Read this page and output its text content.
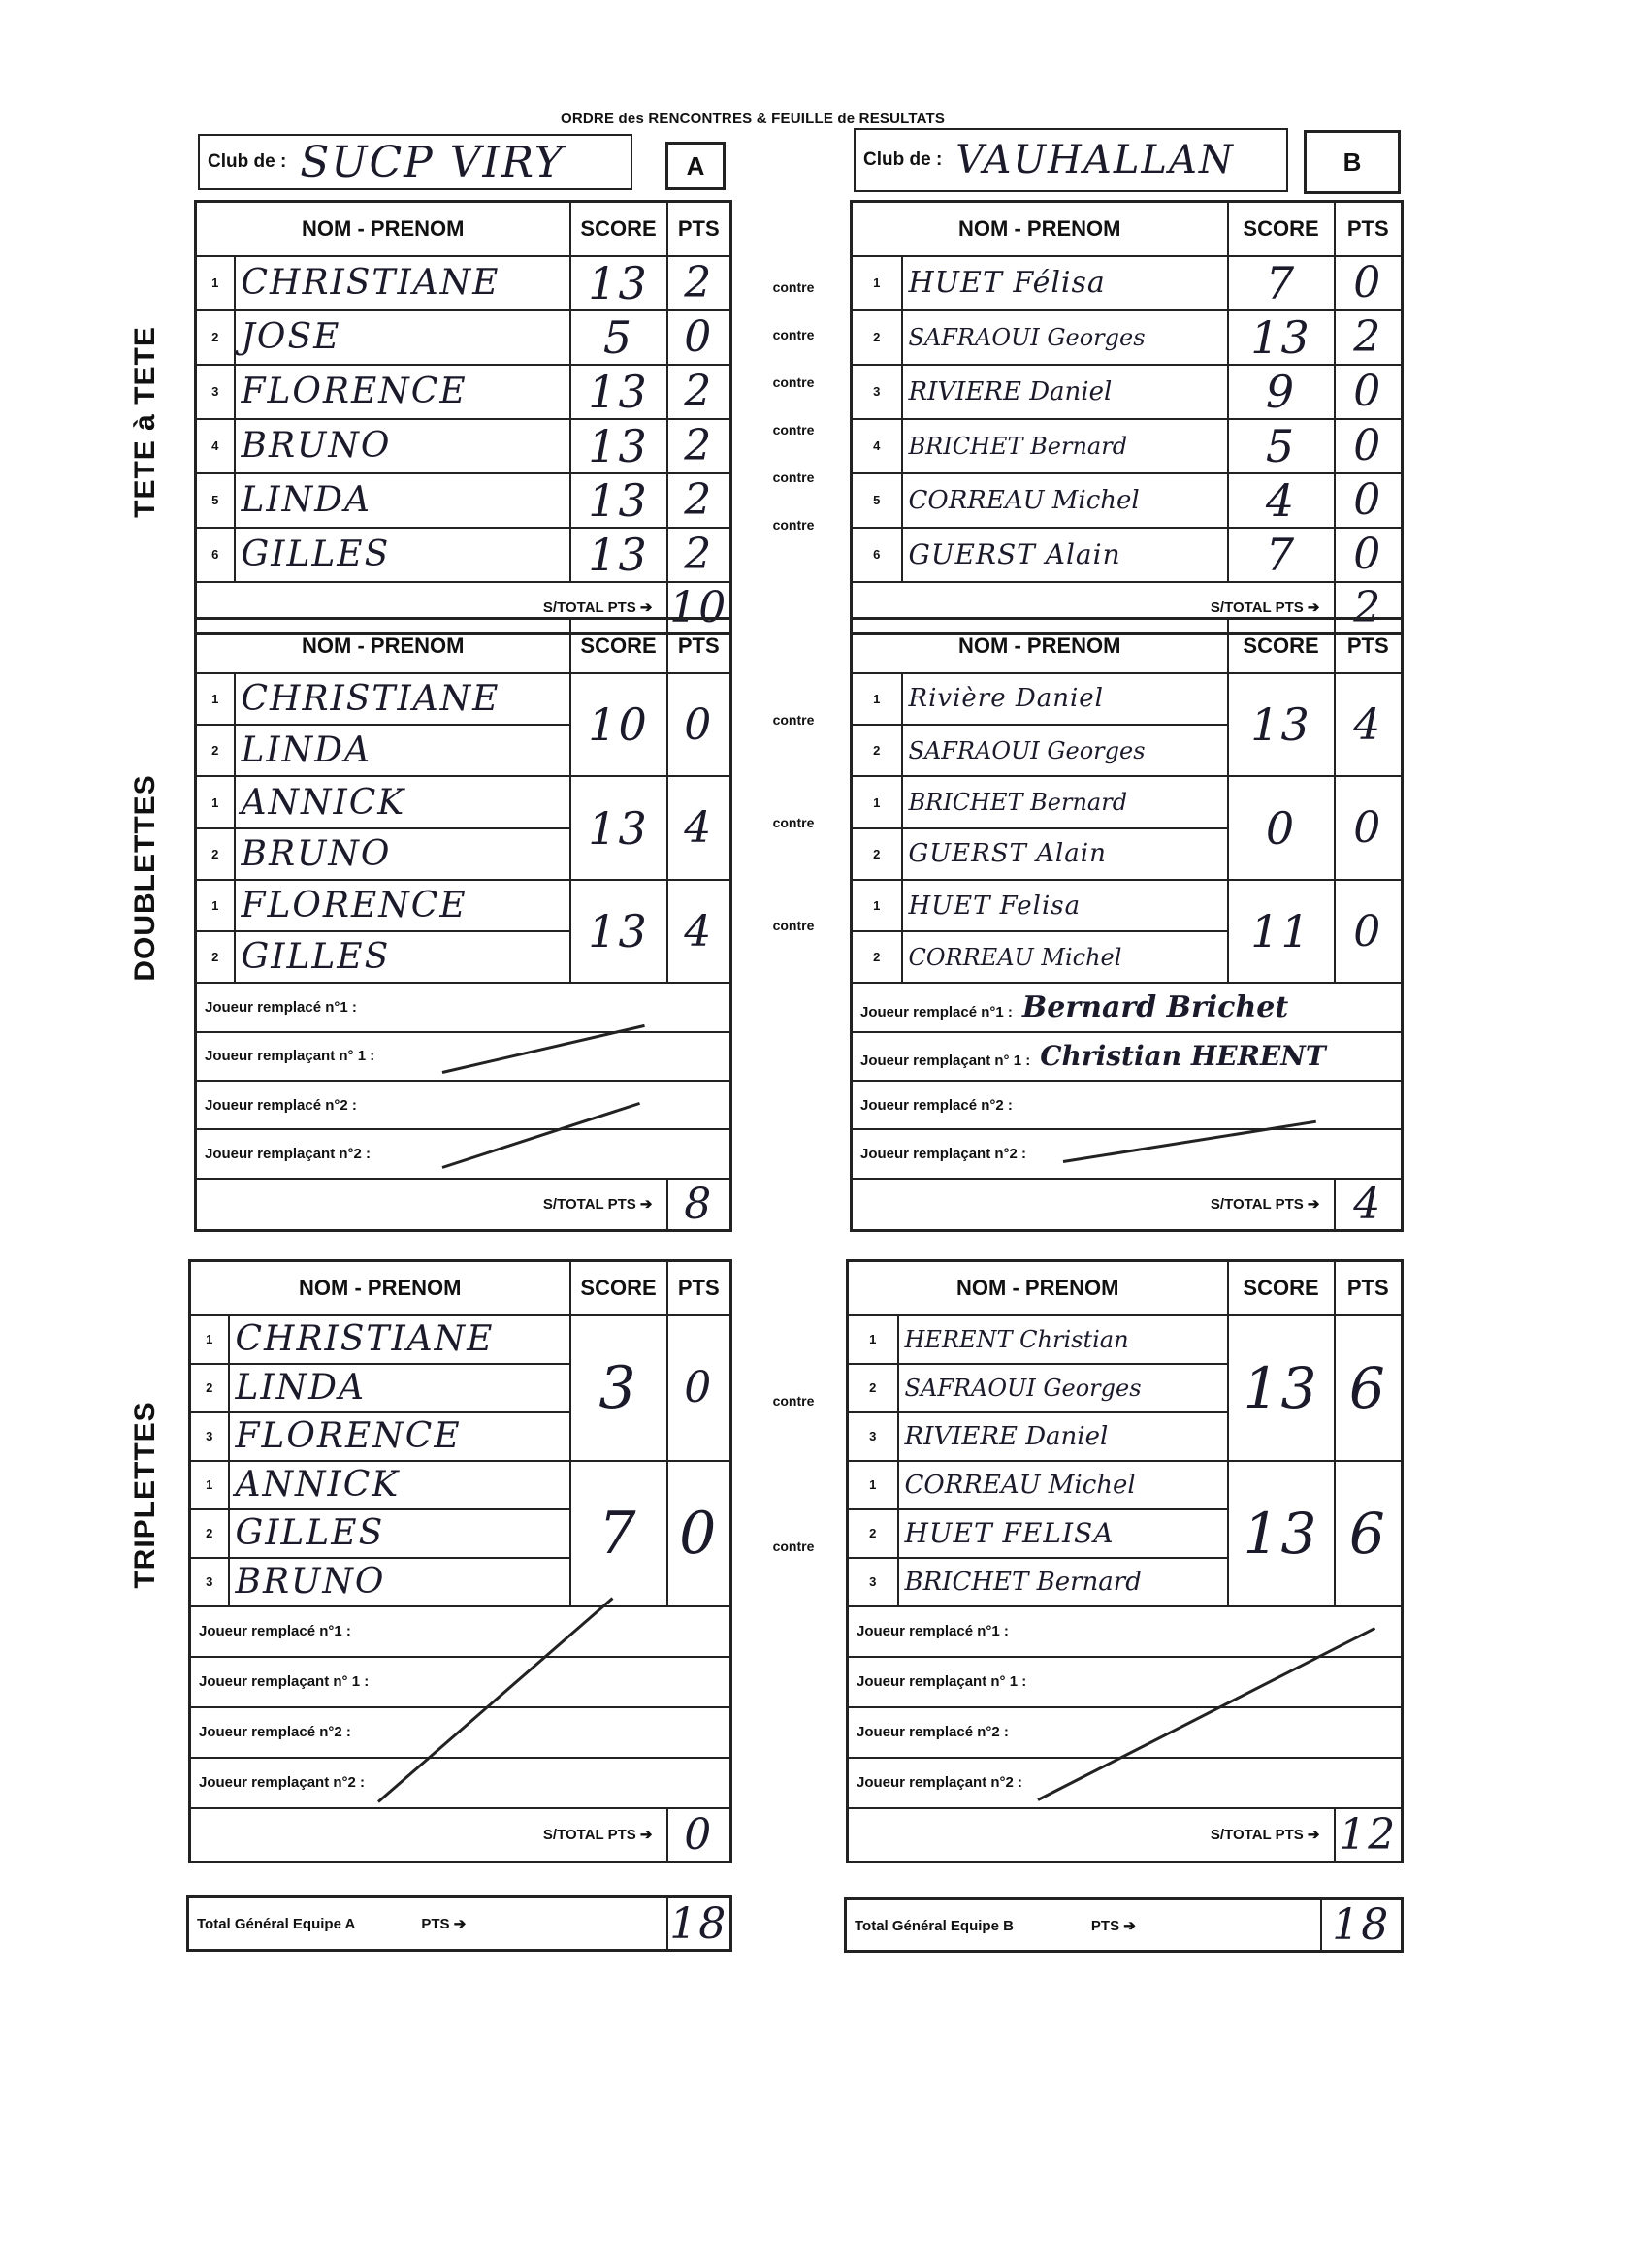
ORDRE des RENCONTRES & FEUILLE de RESULTATS
Club de : SUCP VIRY	A	Club de : VAUHALLAN	B
TETE à TETE
DOUBLETTES
TRIPLETTES
contre
contre
contre
contre
contre
contre
contre
contre
contre
contre
contre
NOM - PRENOM		SCORE	PTS
1	CHRISTIANE	13	2
2	JOSE	5	0
3	FLORENCE	13	2
4	BRUNO	13	2
5	LINDA	13	2
6	GILLES	13	2
S/TOTAL PTS ➔			10
NOM - PRENOM		SCORE	PTS
1	HUET Félisa	7	0
2	SAFRAOUI Georges	13	2
3	RIVIERE Daniel	9	0
4	BRICHET Bernard	5	0
5	CORREAU Michel	4	0
6	GUERST Alain	7	0
S/TOTAL PTS ➔			2
NOM - PRENOM		SCORE	PTS
1	CHRISTIANE	10	0
2	LINDA		
1	ANNICK	13	4
2	BRUNO		
1	FLORENCE	13	4
2	GILLES		
Joueur remplacé n°1 :			
Joueur remplaçant n° 1 :			
Joueur remplacé n°2 :			
Joueur remplaçant n°2 :			
S/TOTAL PTS ➔			8
NOM - PRENOM		SCORE	PTS
1	Rivière Daniel	13	4
2	SAFRAOUI Georges		
1	BRICHET Bernard	0	0
2	GUERST Alain		
1	HUET Felisa	11	0
2	CORREAU Michel		
Joueur remplacé n°1 : Bernard Brichet			
Joueur remplaçant n° 1 : Christian HERENT			
Joueur remplacé n°2 :			
Joueur remplaçant n°2 :			
S/TOTAL PTS ➔			4
NOM - PRENOM		SCORE	PTS
1	CHRISTIANE	3	0
2	LINDA		
3	FLORENCE		
1	ANNICK	7	0
2	GILLES		
3	BRUNO		
Joueur remplacé n°1 :			
Joueur remplaçant n° 1 :			
Joueur remplacé n°2 :			
Joueur remplaçant n°2 :			
S/TOTAL PTS ➔			0
NOM - PRENOM		SCORE	PTS
1	HERENT Christian	13	6
2	SAFRAOUI Georges		
3	RIVIERE Daniel		
1	CORREAU Michel	13	6
2	HUET FELISA		
3	BRICHET Bernard		
Joueur remplacé n°1 :			
Joueur remplaçant n° 1 :			
Joueur remplacé n°2 :			
Joueur remplaçant n°2 :			
S/TOTAL PTS ➔			12
Total Général Equipe A	PTS ➔	18	Total Général Equipe B	PTS ➔	18
